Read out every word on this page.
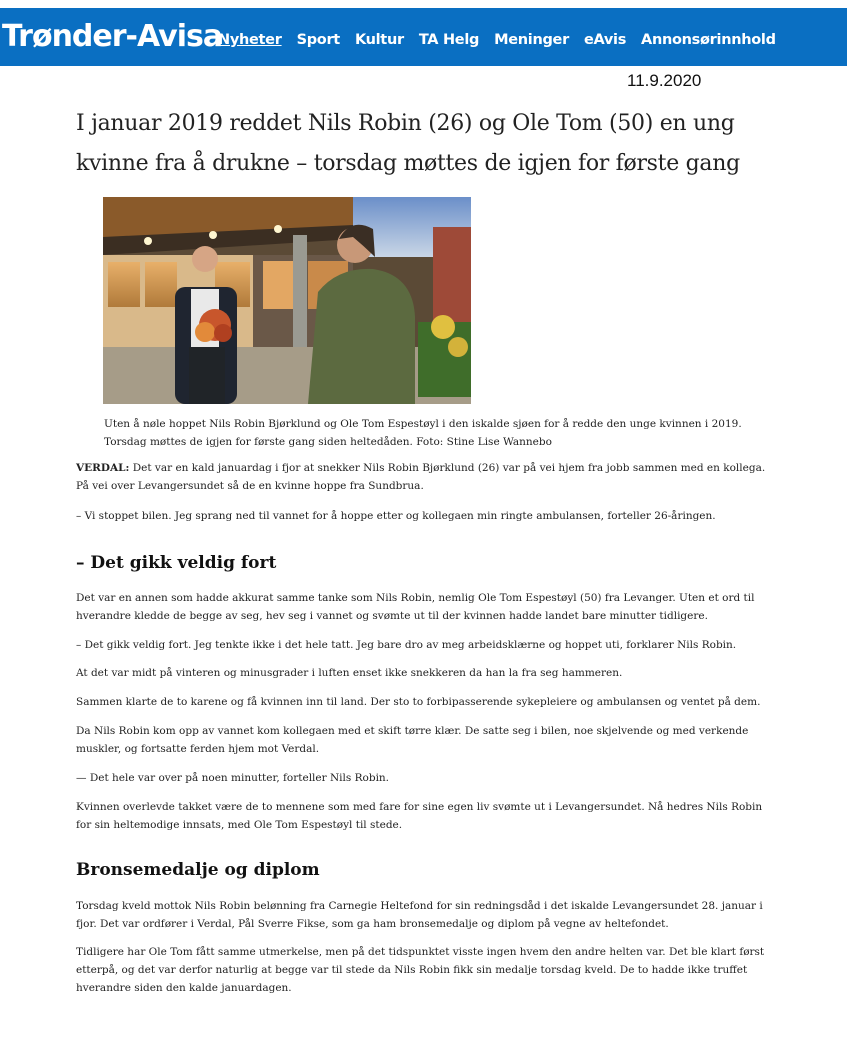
Trønder-Avisa
Nyheter Sport Kultur TA Helg Meninger eAvis Annonsørinnhold
11.9.2020
I januar 2019 reddet Nils Robin (26) og Ole Tom (50) en ung kvinne fra å drukne – torsdag møttes de igjen for første gang

Uten å nøle hoppet Nils Robin Bjørklund og Ole Tom Espestøyl i den iskalde sjøen for å redde den unge kvinnen i 2019.
Torsdag møttes de igjen for første gang siden heltedåden. Foto: Stine Lise Wannebo

VERDAL: Det var en kald januardag i fjor at snekker Nils Robin Bjørklund (26) var på vei hjem fra jobb sammen med en kollega. På vei over Levangersundet så de en kvinne hoppe fra Sundbrua.

– Vi stoppet bilen. Jeg sprang ned til vannet for å hoppe etter og kollegaen min ringte ambulansen, forteller 26-åringen.

– Det gikk veldig fort

Det var en annen som hadde akkurat samme tanke som Nils Robin, nemlig Ole Tom Espestøyl (50) fra Levanger. Uten et ord til hverandre kledde de begge av seg, hev seg i vannet og svømte ut til der kvinnen hadde landet bare minutter tidligere.

– Det gikk veldig fort. Jeg tenkte ikke i det hele tatt. Jeg bare dro av meg arbeidsklærne og hoppet uti, forklarer Nils Robin.

At det var midt på vinteren og minusgrader i luften enset ikke snekkeren da han la fra seg hammeren.

Sammen klarte de to karene og få kvinnen inn til land. Der sto to forbipasserende sykepleiere og ambulansen og ventet på dem.

Da Nils Robin kom opp av vannet kom kollegaen med et skift tørre klær. De satte seg i bilen, noe skjelvende og med verkende muskler, og fortsatte ferden hjem mot Verdal.

— Det hele var over på noen minutter, forteller Nils Robin.

Kvinnen overlevde takket være de to mennene som med fare for sine egen liv svømte ut i Levangersundet. Nå hedres Nils Robin for sin heltemodige innsats, med Ole Tom Espestøyl til stede.

Bronsemedalje og diplom

Torsdag kveld mottok Nils Robin belønning fra Carnegie Heltefond for sin redningsdåd i det iskalde Levangersundet 28. januar i fjor. Det var ordfører i Verdal, Pål Sverre Fikse, som ga ham bronsemedalje og diplom på vegne av heltefondet.

Tidligere har Ole Tom fått samme utmerkelse, men på det tidspunktet visste ingen hvem den andre helten var. Det ble klart først etterpå, og det var derfor naturlig at begge var til stede da Nils Robin fikk sin medalje torsdag kveld. De to hadde ikke truffet hverandre siden den kalde januardagen.
